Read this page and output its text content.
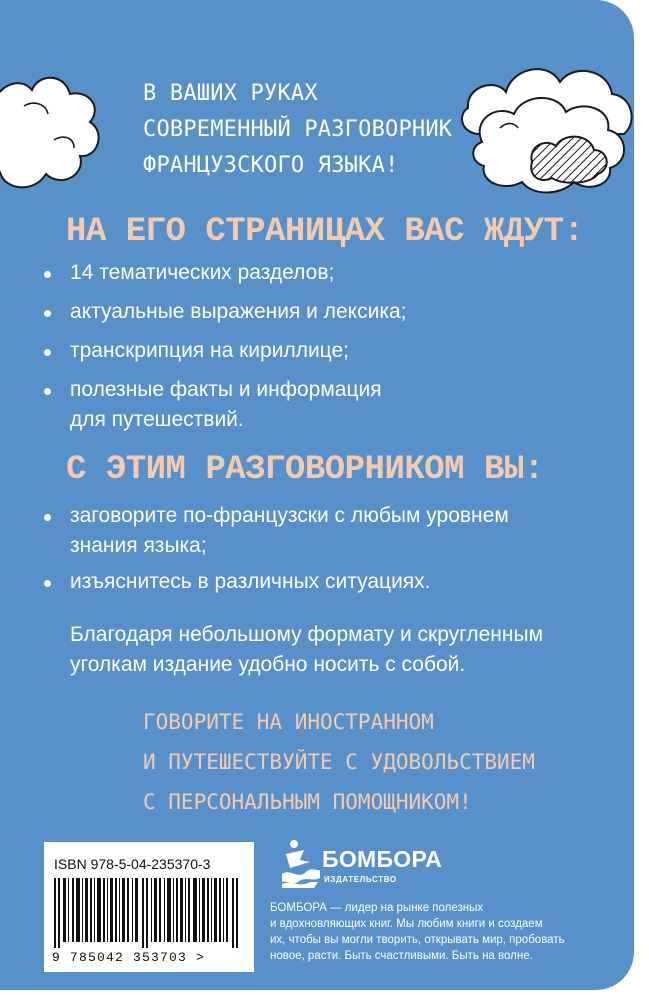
В ВАШИХ РУКАХ
СОВРЕМЕННЫЙ РАЗГОВОРНИК
ФРАНЦУЗСКОГО ЯЗЫКА!
НА ЕГО СТРАНИЦАХ ВАС ЖДУТ:
14 тематических разделов;
актуальные выражения и лексика;
транскрипция на кириллице;
полезные факты и информация
для путешествий.
С ЭТИМ РАЗГОВОРНИКОМ ВЫ:
заговорите по-французски с любым уровнем
знания языка;
изъяснитесь в различных ситуациях.
Благодаря небольшому формату и скругленным
уголкам издание удобно носить с собой.
ГОВОРИТЕ НА ИНОСТРАННОМ
И ПУТЕШЕСТВУЙТЕ С УДОВОЛЬСТВИЕМ
С ПЕРСОНАЛЬНЫМ ПОМОЩНИКОМ!
ISBN 978-5-04-235370-3
9 785042 353703 >
БОМБОРА
ИЗДАТЕЛЬСТВО
БОМБОРА — лидер на рынке полезных
и вдохновляющих книг. Мы любим книги и создаем
их, чтобы вы могли творить, открывать мир, пробовать
новое, расти. Быть счастливыми. Быть на волне.
